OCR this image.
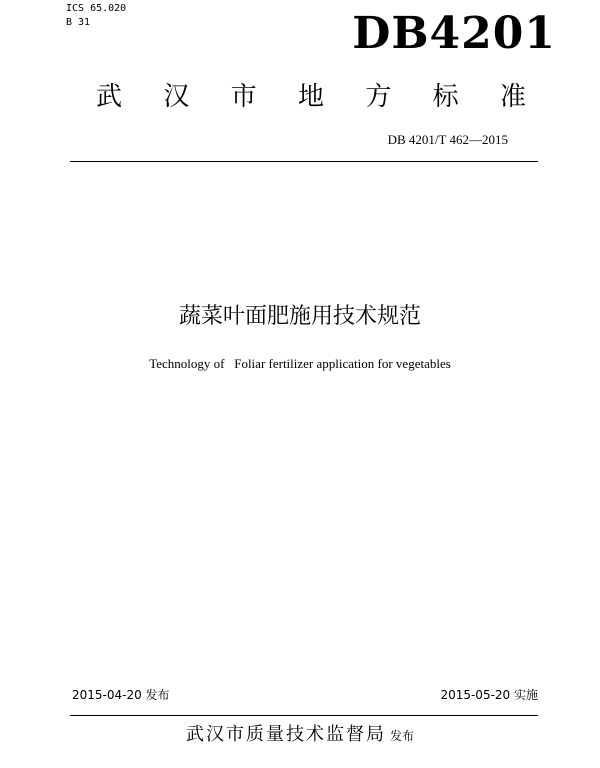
ICS 65.020
B 31	DB4201
武 汉 市 地 方 标 准
DB 4201/T 462—2015
蔬菜叶面肥施用技术规范
Technology of   Foliar fertilizer application for vegetables
2015-04-20 发布	2015-05-20 实施
武汉市质量技术监督局 发布
